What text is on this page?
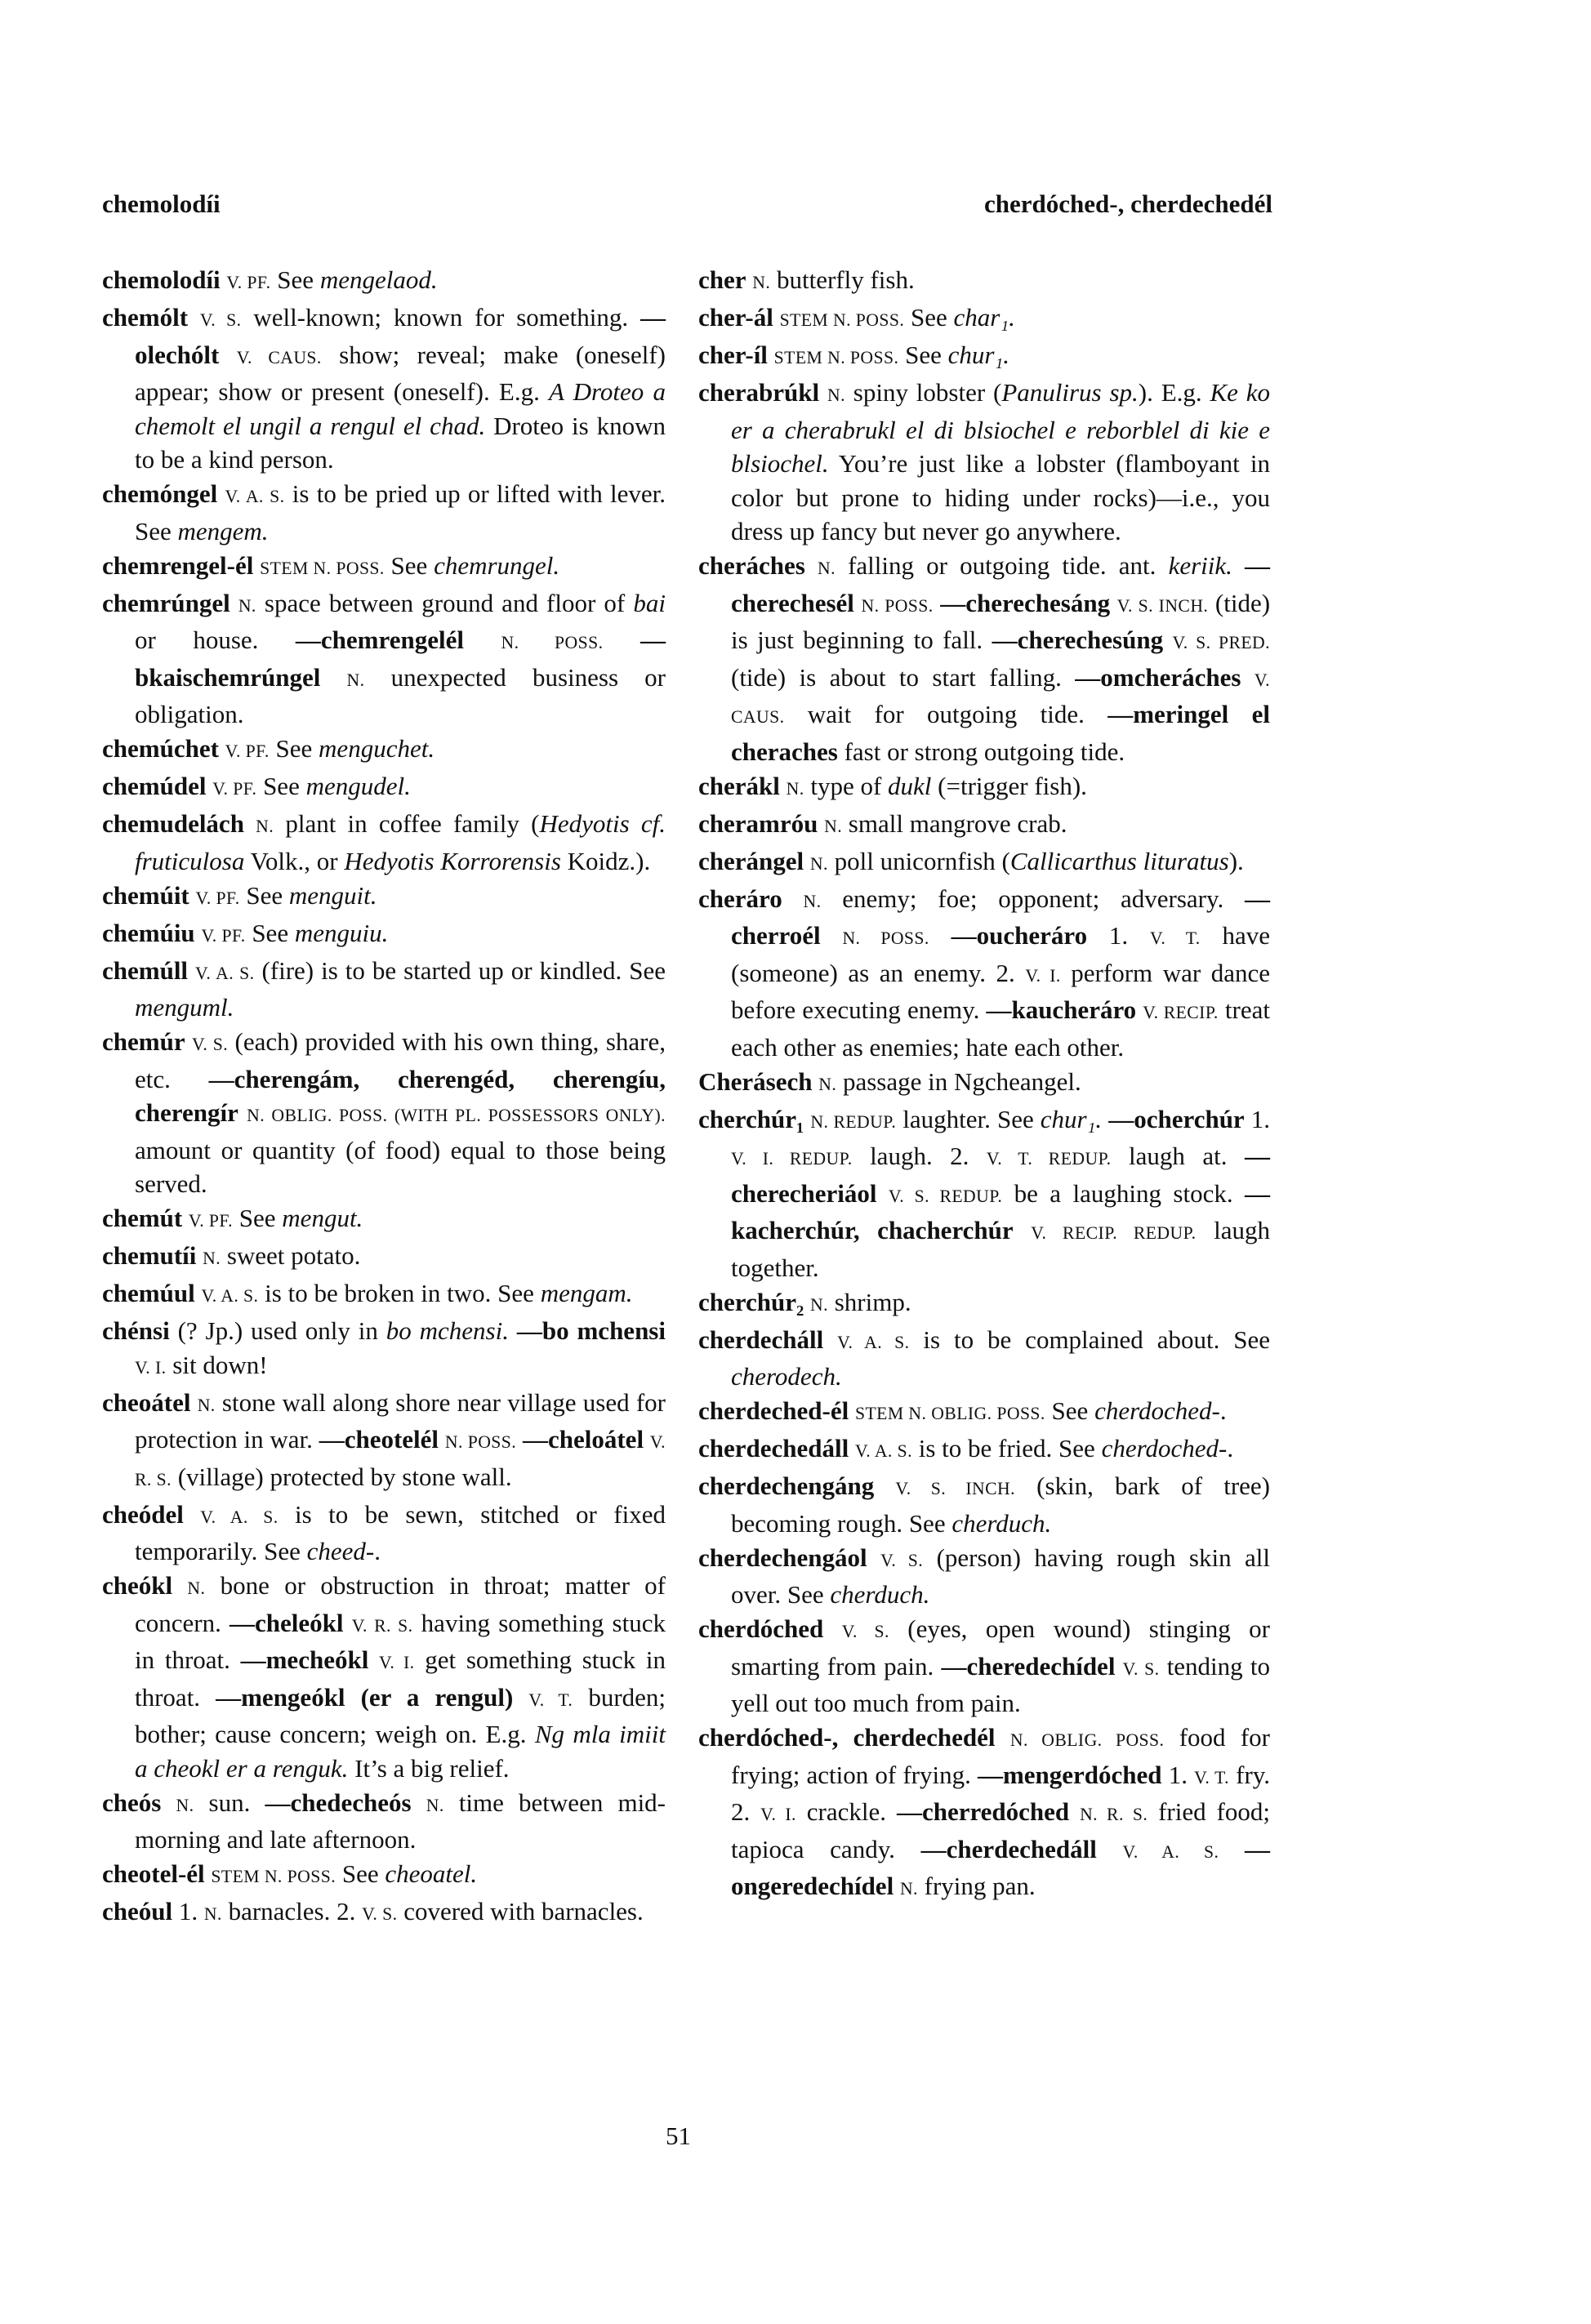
chemolodíi	cherdóched-, cherdechedél

chemolodíi V. PF. See mengelaod.

chemólt V. S. well-known; known for something. —olechólt V. CAUS. show; reveal; make (oneself) appear; show or present (oneself). E.g. A Droteo a chemolt el ungil a rengul el chad. Droteo is known to be a kind person.

chemóngel V. A. S. is to be pried up or lifted with lever. See mengem.

chemrengel-él STEM N. POSS. See chemrungel.

chemrúngel N. space between ground and floor of bai or house. —chemrengelél N. POSS. —bkaischemrúngel N. unexpected business or obligation.

chemúchet V. PF. See menguchet.

chemúdel V. PF. See mengudel.

chemudelách N. plant in coffee family (Hedyotis cf. fruticulosa Volk., or Hedyotis Korrorensis Koidz.).

chemúit V. PF. See menguit.

chemúiu V. PF. See menguiu.

chemúll V. A. S. (fire) is to be started up or kindled. See menguml.

chemúr V. S. (each) provided with his own thing, share, etc. —cherengám, cherengéd, cherengíu, cherengír N. OBLIG. POSS. (WITH PL. POSSESSORS ONLY). amount or quantity (of food) equal to those being served.

chemút V. PF. See mengut.

chemutíi N. sweet potato.

chemúul V. A. S. is to be broken in two. See mengam.

chénsi (? Jp.) used only in bo mchensi. —bo mchensi V. I. sit down!

cheoátel N. stone wall along shore near village used for protection in war. —cheotelél N. POSS. —cheloátel V. R. S. (village) protected by stone wall.

cheódel V. A. S. is to be sewn, stitched or fixed temporarily. See cheed-.

cheókl N. bone or obstruction in throat; matter of concern. —cheleókl V. R. S. having something stuck in throat. —mecheókl V. I. get something stuck in throat. —mengeókl (er a rengul) V. T. burden; bother; cause concern; weigh on. E.g. Ng mla imiit a cheokl er a renguk. It’s a big relief.

cheós N. sun. —chedecheós N. time between mid-morning and late afternoon.

cheotel-él STEM N. POSS. See cheoatel.

cheóul 1. N. barnacles. 2. V. S. covered with barnacles.

cher N. butterfly fish.

cher-ál STEM N. POSS. See char₁.

cher-íl STEM N. POSS. See chur₁.

cherabrúkl N. spiny lobster (Panulirus sp.). E.g. Ke ko er a cherabrukl el di blsiochel e reborblel di kie e blsiochel. You’re just like a lobster (flamboyant in color but prone to hiding under rocks)—i.e., you dress up fancy but never go anywhere.

cheráches N. falling or outgoing tide. ant. keriik. —cherechesél N. POSS. —cherechesáng V. S. INCH. (tide) is just beginning to fall. —cherechesúng V. S. PRED. (tide) is about to start falling. —omcheráches V. CAUS. wait for outgoing tide. —meringel el cheraches fast or strong outgoing tide.

cherákl N. type of dukl (=trigger fish).

cheramróu N. small mangrove crab.

cherángel N. poll unicornfish (Callicarthus lituratus).

cheráro N. enemy; foe; opponent; adversary. —cherroél N. POSS. —oucheráro 1. V. T. have (someone) as an enemy. 2. V. I. perform war dance before executing enemy. —kaucheráro V. RECIP. treat each other as enemies; hate each other.

Cherásech N. passage in Ngcheangel.

cherchúr₁ N. REDUP. laughter. See chur₁. —ocherchúr 1. V. I. REDUP. laugh. 2. V. T. REDUP. laugh at. —cherecheriáol V. S. REDUP. be a laughing stock. —kacherchúr, chacherchúr V. RECIP. REDUP. laugh together.

cherchúr₂ N. shrimp.

cherdecháll V. A. S. is to be complained about. See cherodech.

cherdeched-él STEM N. OBLIG. POSS. See cherdoched-.

cherdechedáll V. A. S. is to be fried. See cherdoched-.

cherdechengáng V. S. INCH. (skin, bark of tree) becoming rough. See cherduch.

cherdechengáol V. S. (person) having rough skin all over. See cherduch.

cherdóched V. S. (eyes, open wound) stinging or smarting from pain. —cheredechídel V. S. tending to yell out too much from pain.

cherdóched-, cherdechedél N. OBLIG. POSS. food for frying; action of frying. —mengerdóched 1. V. T. fry. 2. V. I. crackle. —cherredóched N. R. S. fried food; tapioca candy. —cherdechedáll V. A. S. —ongeredechídel N. frying pan.

51
